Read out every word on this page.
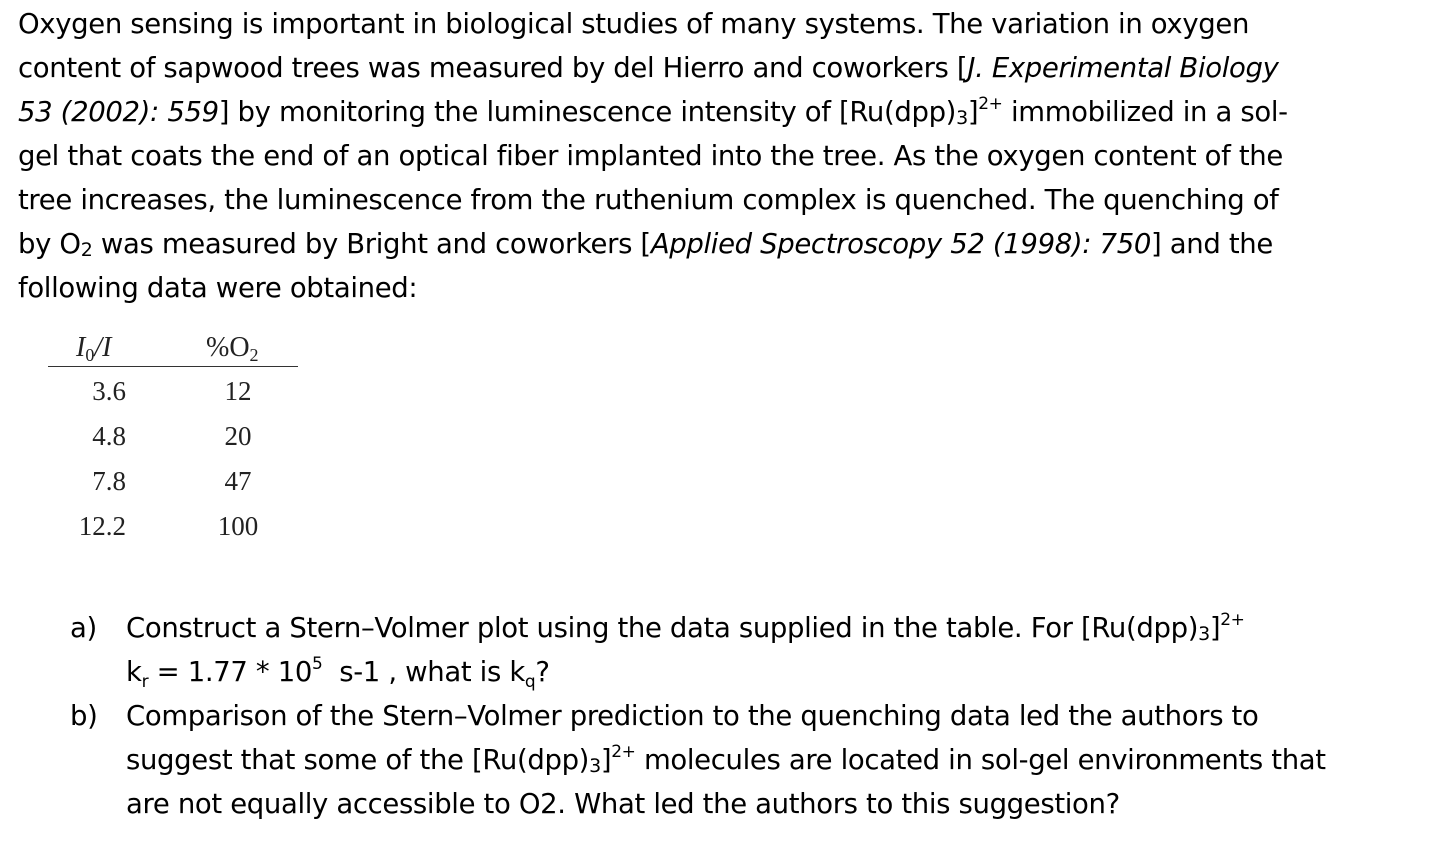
Oxygen sensing is important in biological studies of many systems. The variation in oxygen
content of sapwood trees was measured by del Hierro and coworkers [J. Experimental Biology
53 (2002): 559] by monitoring the luminescence intensity of $[Ru(dpp)_3]^{2+}$ immobilized in a sol-
gel that coats the end of an optical fiber implanted into the tree. As the oxygen content of the
tree increases, the luminescence from the ruthenium complex is quenched. The quenching of
by $O_2$ was measured by Bright and coworkers [Applied Spectroscopy 52 (1998): 750] and the
following data were obtained:
$I_0/I$	$\%O_2$
3.6	12
4.8	20
7.8	47
12.2	100
a) Construct a Stern–Volmer plot using the data supplied in the table. For $[Ru(dpp)_3]^{2+}$
$k_r = 1.77 * 10^5$  s-1 , what is $k_q$?
b) Comparison of the Stern–Volmer prediction to the quenching data led the authors to
suggest that some of the $[Ru(dpp)_3]^{2+}$ molecules are located in sol-gel environments that
are not equally accessible to O2. What led the authors to this suggestion?
